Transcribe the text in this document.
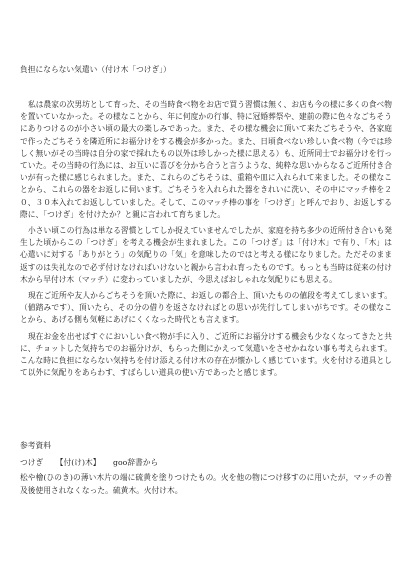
負担にならない気遣い（付け木「つけぎ」）

私は農家の次男坊として育った、その当時食べ物をお店で買う習慣は無く、お店も今の様に多くの食べ物を置いていなかった。その様なことから、年に何度かの行事、特に冠婚葬祭や、建前の際に色々なごちそうにありつけるのが小さい頃の最大の楽しみであった。また、その様な機会に頂いて来たごちそうや、各家庭で作ったごちそうを隣近所にお福分けをする機会が多かった。また、日頃食べない珍しい食べ物（今では珍しく無いがその当時は自分の家で採れたもの以外は珍しかった様に思える）も、近所同士でお福分けを行っていた。その当時の行為には、お互いに喜びを分かち合うと言うような、純粋な思いからなるご近所付き合いが有った様に感じられました。また、これらのごちそうは、重箱や皿に入れられて来ました。その様なことから、これらの器をお返しに伺います。ごちそうを入れられた器をきれいに洗い、その中にマッチ棒を２０、３０本入れてお返ししていました。そして、このマッチ棒の事を「つけぎ」と呼んでおり、お返しする際に、「つけぎ」を付けたか？と親に言われて育ちました。

小さい頃この行為は単なる習慣としてしか捉えていませんでしたが、家庭を持ち多少の近所付き合いも発生した頃からこの「つけぎ」を考える機会が生まれました。この「つけぎ」は「付け木」で有り、「木」は心遣いに対する「ありがとう」の気配りの「気」を意味したのではと考える様になりました。ただそのまま返すのは失礼なので必ず付けなければいけないと親から言われ育ったものです。もっとも当時は従来の付け木から早付け木（マッチ）に変わっていましたが、今思えばおしゃれな気配りにも思える。

現在ご近所や友人からごちそうを頂いた際に、お返しの都合上、頂いたものの値段を考えてしまいます。（値踏みです）、頂いたら、その分の借りを返さなければとの思いが先行してしまいがちです。その様なことから、あげる側も気軽にあげにくくなった時代とも言えます。

現在お金を出せばすぐにおいしい食べ物が手に入り、ご近所にお福分けする機会も少なくなってきたと共に、チョットした気持ちでのお福分けが、もらった側にかえって気遣いをさせかねない事も考えられます。こんな時に負担にならない気持ちを付け添える付け木の存在が懐かしく感じています。火を付ける道具として以外に気配りをあらわす、すばらしい道具の使い方であったと感じます。

参考資料
つけぎ 【付(け)木】 goo辞書から

松や檜(ひのき)の薄い木片の端に硫黄を塗りつけたもの。火を他の物につけ移すのに用いたが，マッチの普及後使用されなくなった。硫黄木。火付け木。
